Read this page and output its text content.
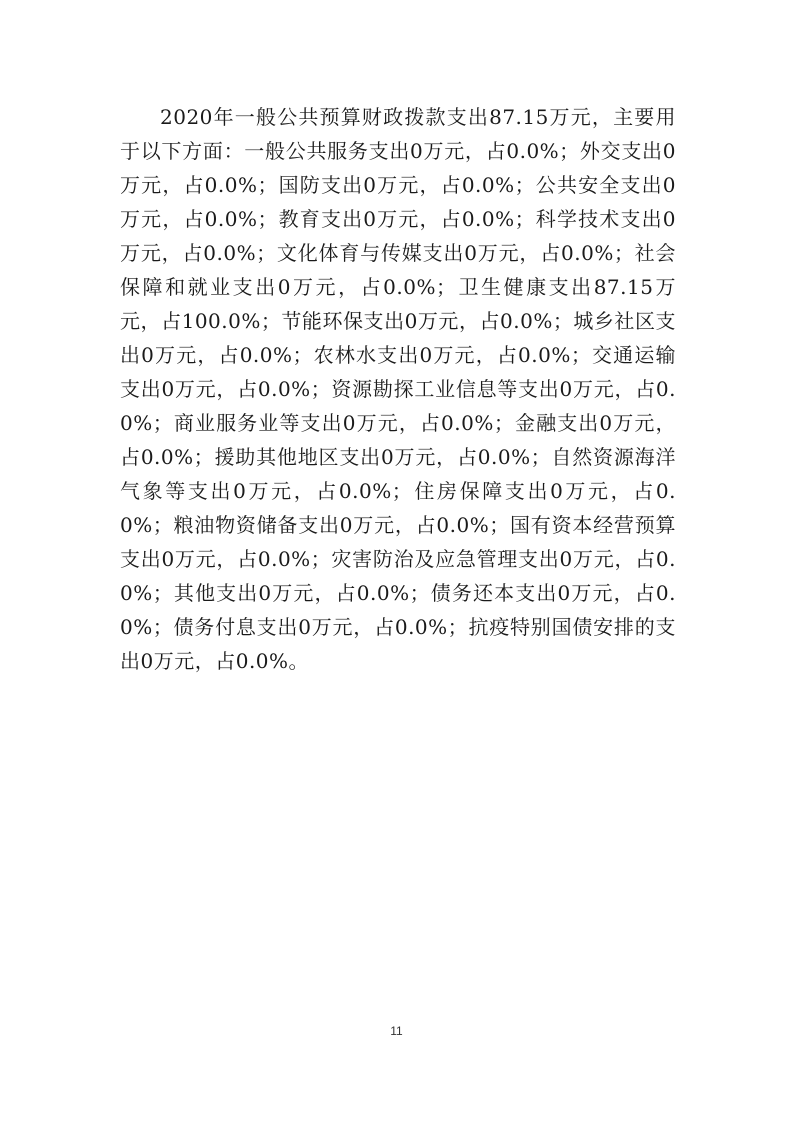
2020年一般公共预算财政拨款支出87.15万元，主要用于以下方面：一般公共服务支出0万元，占0.0%；外交支出0万元，占0.0%；国防支出0万元，占0.0%；公共安全支出0万元，占0.0%；教育支出0万元，占0.0%；科学技术支出0万元，占0.0%；文化体育与传媒支出0万元，占0.0%；社会保障和就业支出0万元，占0.0%；卫生健康支出87.15万元，占100.0%；节能环保支出0万元，占0.0%；城乡社区支出0万元，占0.0%；农林水支出0万元，占0.0%；交通运输支出0万元，占0.0%；资源勘探工业信息等支出0万元，占0.0%；商业服务业等支出0万元，占0.0%；金融支出0万元，占0.0%；援助其他地区支出0万元，占0.0%；自然资源海洋气象等支出0万元，占0.0%；住房保障支出0万元，占0.0%；粮油物资储备支出0万元，占0.0%；国有资本经营预算支出0万元，占0.0%；灾害防治及应急管理支出0万元，占0.0%；其他支出0万元，占0.0%；债务还本支出0万元，占0.0%；债务付息支出0万元，占0.0%；抗疫特别国债安排的支出0万元，占0.0%。

11
